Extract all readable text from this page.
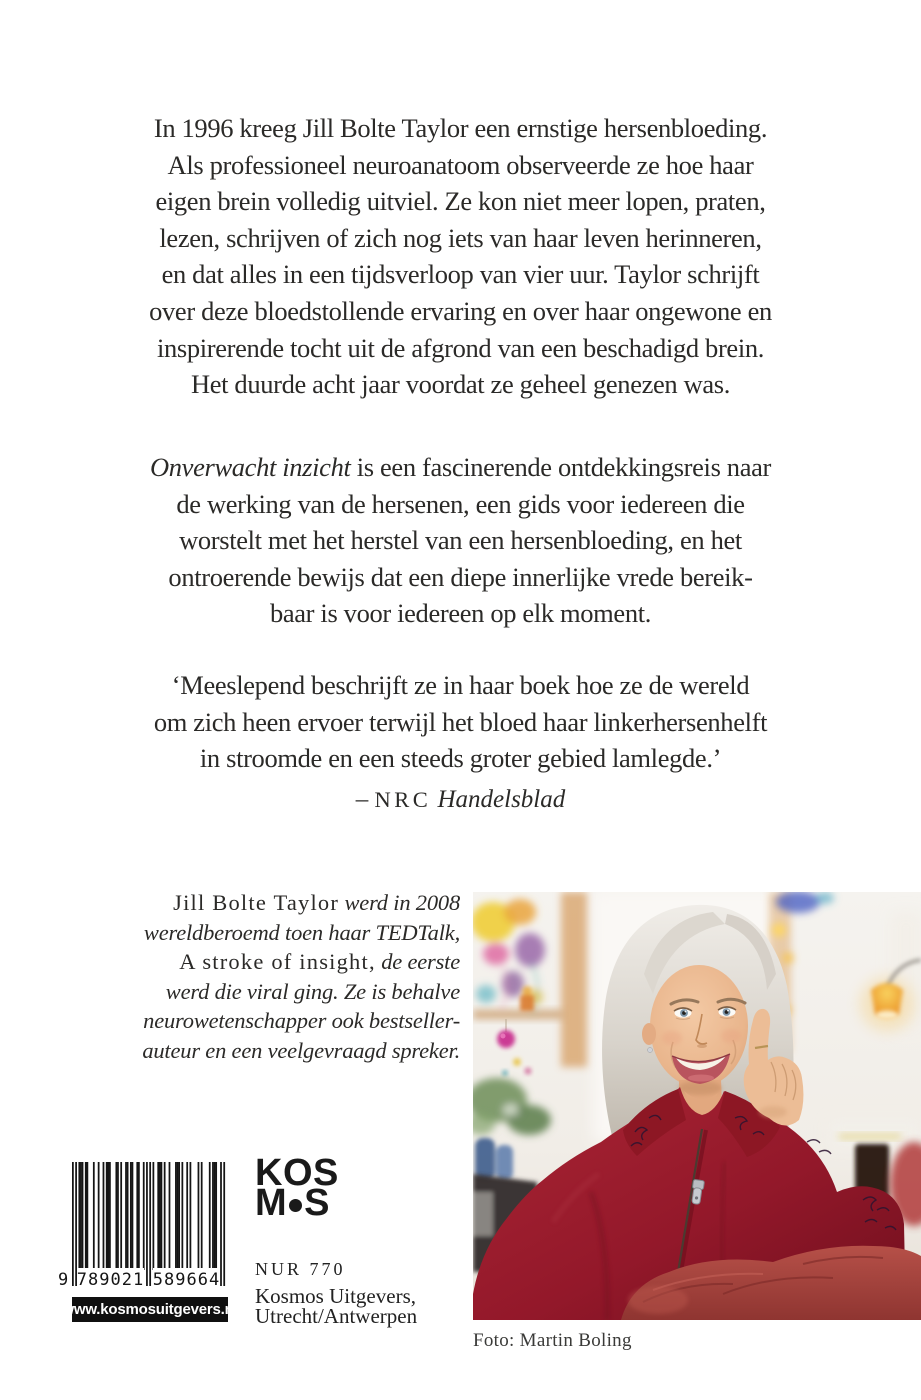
In 1996 kreeg Jill Bolte Taylor een ernstige hersenbloeding.
Als professioneel neuroanatoom observeerde ze hoe haar
eigen brein volledig uitviel. Ze kon niet meer lopen, praten,
lezen, schrijven of zich nog iets van haar leven herinneren,
en dat alles in een tijdsverloop van vier uur. Taylor schrijft
over deze bloedstollende ervaring en over haar ongewone en
inspirerende tocht uit de afgrond van een beschadigd brein.
Het duurde acht jaar voordat ze geheel genezen was.
Onverwacht inzicht is een fascinerende ontdekkingsreis naar
de werking van de hersenen, een gids voor iedereen die
worstelt met het herstel van een hersenbloeding, en het
ontroerende bewijs dat een diepe innerlijke vrede bereik-
baar is voor iedereen op elk moment.
‘Meeslepend beschrijft ze in haar boek hoe ze de wereld
om zich heen ervoer terwijl het bloed haar linkerhersenhelft
in stroomde en een steeds groter gebied lamlegde.’
– NRC Handelsblad
Jill Bolte Taylor werd in 2008
wereldberoemd toen haar TEDTalk,
A stroke of insight, de eerste
werd die viral ging. Ze is behalve
neurowetenschapper ook bestseller-
auteur en een veelgevraagd spreker.
Foto: Martin Boling
9 789021 589664
www.kosmosuitgevers.nl
KOS
M S
NUR 770
Kosmos Uitgevers,
Utrecht/Antwerpen
